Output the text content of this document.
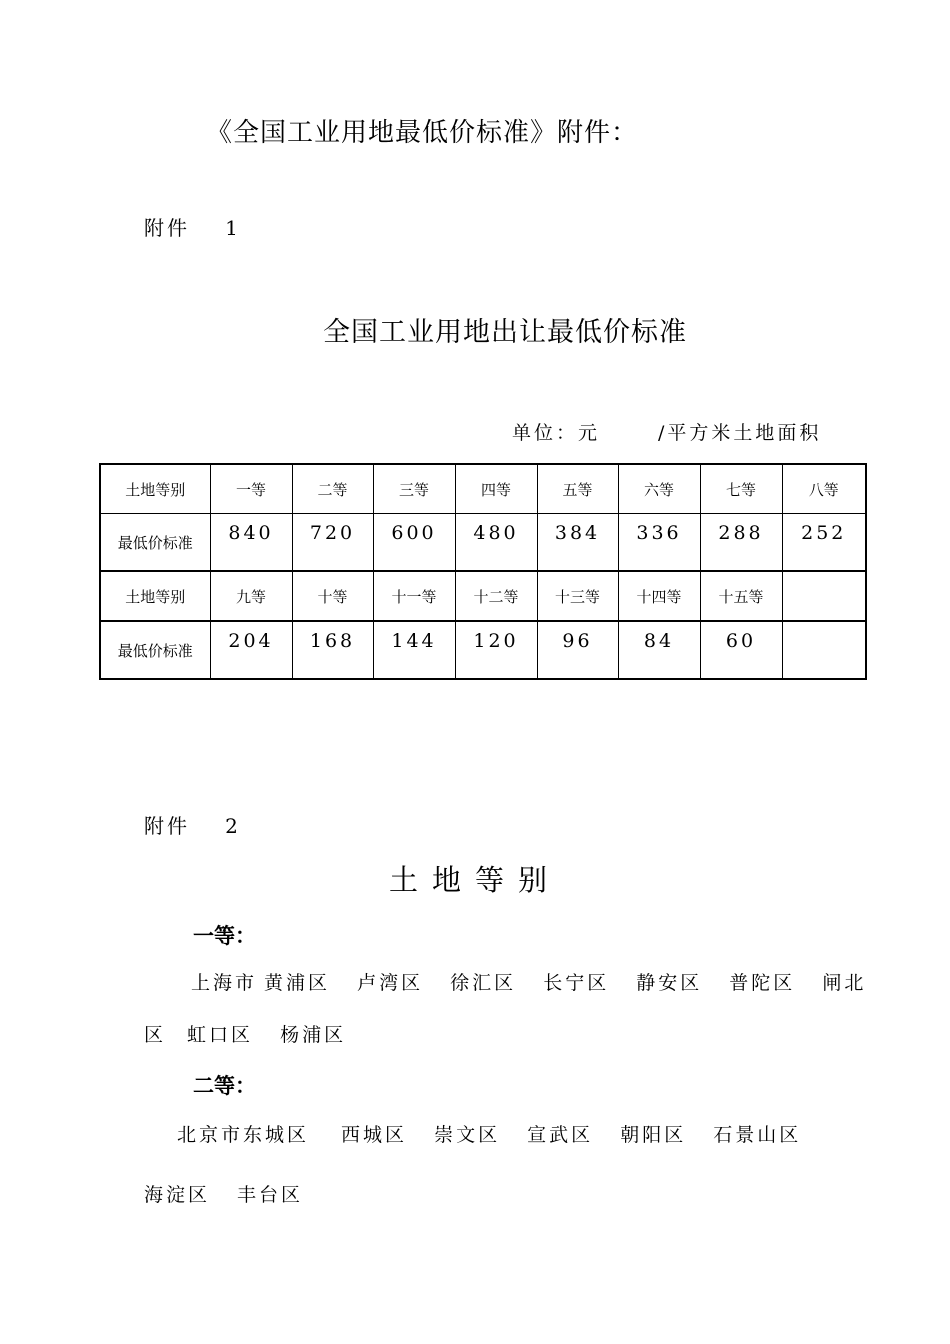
《全国工业用地最低价标准》附件：
附件 1
全国工业用地出让最低价标准
单位：元	/平方米土地面积
土地等别	一等	二等	三等	四等	五等	六等	七等	八等
最低价标准	840	720	600	480	384	336	288	252
土地等别	九等	十等	十一等	十二等	十三等	十四等	十五等	
最低价标准	204	168	144	120	96	84	60	
附件 2
土地等别
一等：
上海市 黄浦区 卢湾区 徐汇区 长宁区 静安区 普陀区 闸北
区 虹口区 杨浦区
二等：
北京市东城区 西城区 崇文区 宣武区 朝阳区 石景山区
海淀区 丰台区
